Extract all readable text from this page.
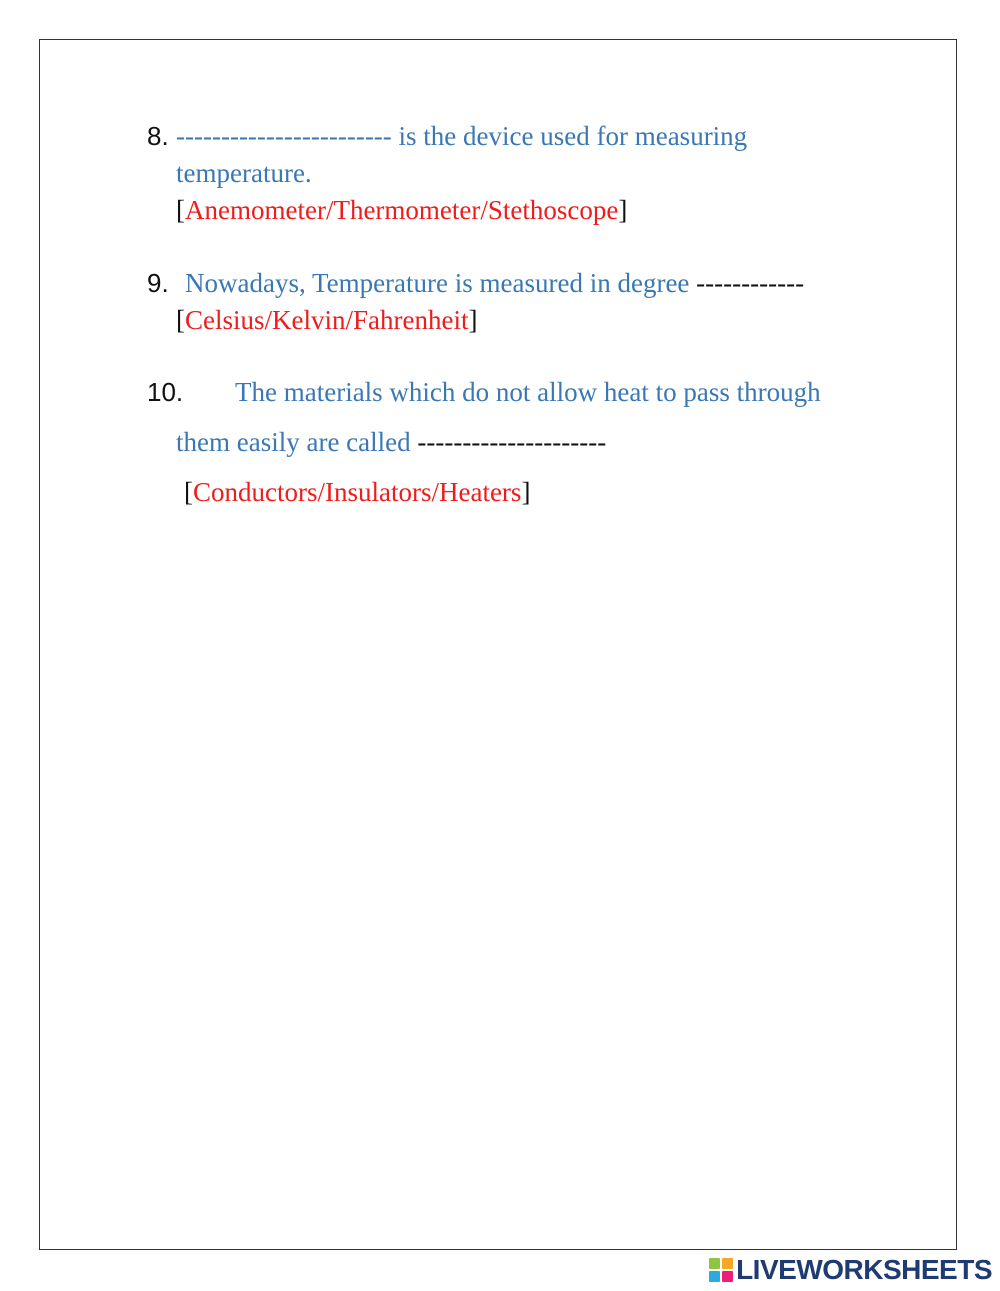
8. ------------------------ is the device used for measuring
temperature.
[Anemometer/Thermometer/Stethoscope]
9. Nowadays, Temperature is measured in degree ------------
[Celsius/Kelvin/Fahrenheit]
10. The materials which do not allow heat to pass through
them easily are called ---------------------
[Conductors/Insulators/Heaters]
LIVEWORKSHEETS
